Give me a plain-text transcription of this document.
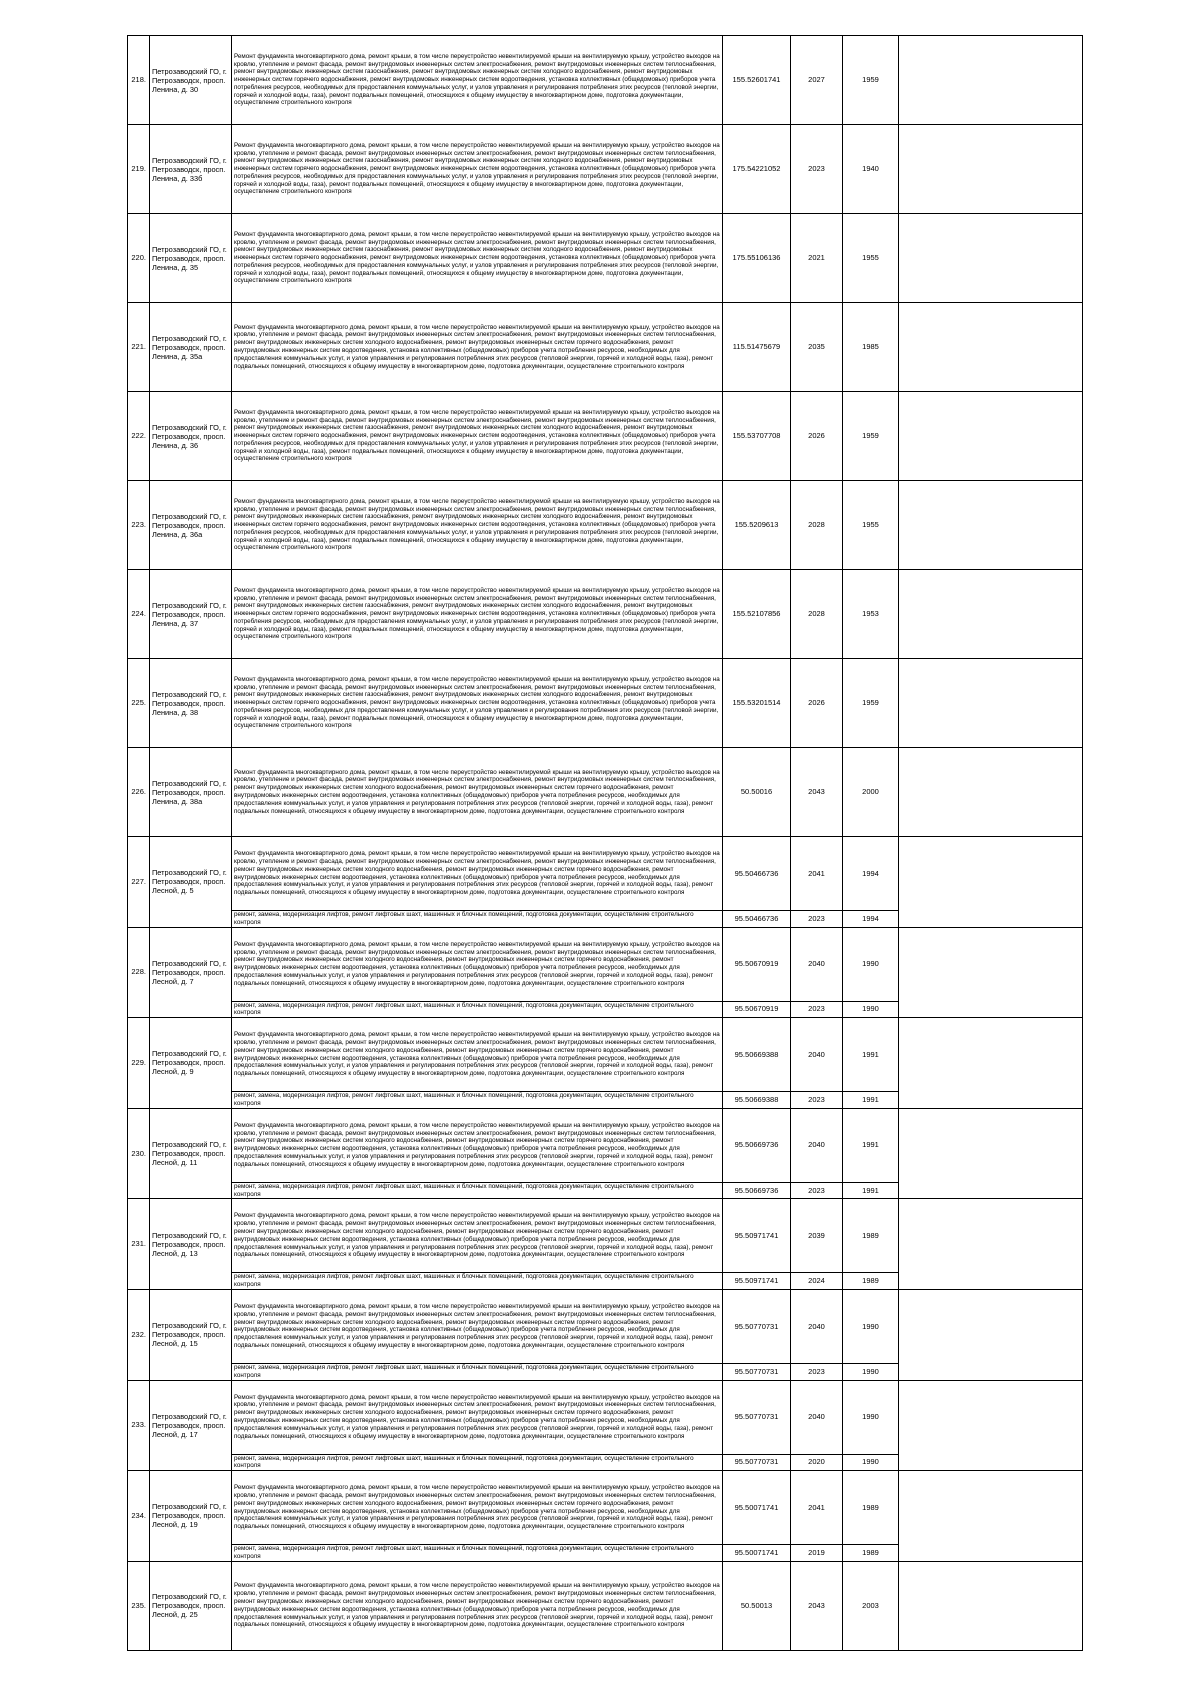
218.	Петрозаводский ГО, г. Петрозаводск, просп. Ленина, д. 30	Ремонт фундамента многоквартирного дома, ремонт крыши, в том числе переустройство невентилируемой крыши на вентилируемую крышу, устройство выходов на кровлю, утепление и ремонт фасада, ремонт внутридомовых инженерных систем электроснабжения, ремонт внутридомовых инженерных систем теплоснабжения, ремонт внутридомовых инженерных систем газоснабжения, ремонт внутридомовых инженерных систем холодного водоснабжения, ремонт внутридомовых инженерных систем горячего водоснабжения, ремонт внутридомовых инженерных систем водоотведения, установка коллективных (общедомовых) приборов учета потребления ресурсов, необходимых для предоставления коммунальных услуг, и узлов управления и регулирования потребления этих ресурсов (тепловой энергии, горячей и холодной воды, газа), ремонт подвальных помещений, относящихся к общему имуществу в многоквартирном доме, подготовка документации, осуществление строительного контроля	155.52601741	2027	1959	
219.	Петрозаводский ГО, г. Петрозаводск, просп. Ленина, д. 33б	Ремонт фундамента многоквартирного дома, ремонт крыши, в том числе переустройство невентилируемой крыши на вентилируемую крышу, устройство выходов на кровлю, утепление и ремонт фасада, ремонт внутридомовых инженерных систем электроснабжения, ремонт внутридомовых инженерных систем теплоснабжения, ремонт внутридомовых инженерных систем газоснабжения, ремонт внутридомовых инженерных систем холодного водоснабжения, ремонт внутридомовых инженерных систем горячего водоснабжения, ремонт внутридомовых инженерных систем водоотведения, установка коллективных (общедомовых) приборов учета потребления ресурсов, необходимых для предоставления коммунальных услуг, и узлов управления и регулирования потребления этих ресурсов (тепловой энергии, горячей и холодной воды, газа), ремонт подвальных помещений, относящихся к общему имуществу в многоквартирном доме, подготовка документации, осуществление строительного контроля	175.54221052	2023	1940	
220.	Петрозаводский ГО, г. Петрозаводск, просп. Ленина, д. 35	Ремонт фундамента многоквартирного дома, ремонт крыши, в том числе переустройство невентилируемой крыши на вентилируемую крышу, устройство выходов на кровлю, утепление и ремонт фасада, ремонт внутридомовых инженерных систем электроснабжения, ремонт внутридомовых инженерных систем теплоснабжения, ремонт внутридомовых инженерных систем газоснабжения, ремонт внутридомовых инженерных систем холодного водоснабжения, ремонт внутридомовых инженерных систем горячего водоснабжения, ремонт внутридомовых инженерных систем водоотведения, установка коллективных (общедомовых) приборов учета потребления ресурсов, необходимых для предоставления коммунальных услуг, и узлов управления и регулирования потребления этих ресурсов (тепловой энергии, горячей и холодной воды, газа), ремонт подвальных помещений, относящихся к общему имуществу в многоквартирном доме, подготовка документации, осуществление строительного контроля	175.55106136	2021	1955	
221.	Петрозаводский ГО, г. Петрозаводск, просп. Ленина, д. 35а	Ремонт фундамента многоквартирного дома, ремонт крыши, в том числе переустройство невентилируемой крыши на вентилируемую крышу, устройство выходов на кровлю, утепление и ремонт фасада, ремонт внутридомовых инженерных систем электроснабжения, ремонт внутридомовых инженерных систем теплоснабжения, ремонт внутридомовых инженерных систем холодного водоснабжения, ремонт внутридомовых инженерных систем горячего водоснабжения, ремонт внутридомовых инженерных систем водоотведения, установка коллективных (общедомовых) приборов учета потребления ресурсов, необходимых для предоставления коммунальных услуг, и узлов управления и регулирования потребления этих ресурсов (тепловой энергии, горячей и холодной воды, газа), ремонт подвальных помещений, относящихся к общему имуществу в многоквартирном доме, подготовка документации, осуществление строительного контроля	115.51475679	2035	1985	
222.	Петрозаводский ГО, г. Петрозаводск, просп. Ленина, д. 36	Ремонт фундамента многоквартирного дома, ремонт крыши, в том числе переустройство невентилируемой крыши на вентилируемую крышу, устройство выходов на кровлю, утепление и ремонт фасада, ремонт внутридомовых инженерных систем электроснабжения, ремонт внутридомовых инженерных систем теплоснабжения, ремонт внутридомовых инженерных систем газоснабжения, ремонт внутридомовых инженерных систем холодного водоснабжения, ремонт внутридомовых инженерных систем горячего водоснабжения, ремонт внутридомовых инженерных систем водоотведения, установка коллективных (общедомовых) приборов учета потребления ресурсов, необходимых для предоставления коммунальных услуг, и узлов управления и регулирования потребления этих ресурсов (тепловой энергии, горячей и холодной воды, газа), ремонт подвальных помещений, относящихся к общему имуществу в многоквартирном доме, подготовка документации, осуществление строительного контроля	155.53707708	2026	1959	
223.	Петрозаводский ГО, г. Петрозаводск, просп. Ленина, д. 36а	Ремонт фундамента многоквартирного дома, ремонт крыши, в том числе переустройство невентилируемой крыши на вентилируемую крышу, устройство выходов на кровлю, утепление и ремонт фасада, ремонт внутридомовых инженерных систем электроснабжения, ремонт внутридомовых инженерных систем теплоснабжения, ремонт внутридомовых инженерных систем газоснабжения, ремонт внутридомовых инженерных систем холодного водоснабжения, ремонт внутридомовых инженерных систем горячего водоснабжения, ремонт внутридомовых инженерных систем водоотведения, установка коллективных (общедомовых) приборов учета потребления ресурсов, необходимых для предоставления коммунальных услуг, и узлов управления и регулирования потребления этих ресурсов (тепловой энергии, горячей и холодной воды, газа), ремонт подвальных помещений, относящихся к общему имуществу в многоквартирном доме, подготовка документации, осуществление строительного контроля	155.5209613	2028	1955	
224.	Петрозаводский ГО, г. Петрозаводск, просп. Ленина, д. 37	Ремонт фундамента многоквартирного дома, ремонт крыши, в том числе переустройство невентилируемой крыши на вентилируемую крышу, устройство выходов на кровлю, утепление и ремонт фасада, ремонт внутридомовых инженерных систем электроснабжения, ремонт внутридомовых инженерных систем теплоснабжения, ремонт внутридомовых инженерных систем газоснабжения, ремонт внутридомовых инженерных систем холодного водоснабжения, ремонт внутридомовых инженерных систем горячего водоснабжения, ремонт внутридомовых инженерных систем водоотведения, установка коллективных (общедомовых) приборов учета потребления ресурсов, необходимых для предоставления коммунальных услуг, и узлов управления и регулирования потребления этих ресурсов (тепловой энергии, горячей и холодной воды, газа), ремонт подвальных помещений, относящихся к общему имуществу в многоквартирном доме, подготовка документации, осуществление строительного контроля	155.52107856	2028	1953	
225.	Петрозаводский ГО, г. Петрозаводск, просп. Ленина, д. 38	Ремонт фундамента многоквартирного дома, ремонт крыши, в том числе переустройство невентилируемой крыши на вентилируемую крышу, устройство выходов на кровлю, утепление и ремонт фасада, ремонт внутридомовых инженерных систем электроснабжения, ремонт внутридомовых инженерных систем теплоснабжения, ремонт внутридомовых инженерных систем газоснабжения, ремонт внутридомовых инженерных систем холодного водоснабжения, ремонт внутридомовых инженерных систем горячего водоснабжения, ремонт внутридомовых инженерных систем водоотведения, установка коллективных (общедомовых) приборов учета потребления ресурсов, необходимых для предоставления коммунальных услуг, и узлов управления и регулирования потребления этих ресурсов (тепловой энергии, горячей и холодной воды, газа), ремонт подвальных помещений, относящихся к общему имуществу в многоквартирном доме, подготовка документации, осуществление строительного контроля	155.53201514	2026	1959	
226.	Петрозаводский ГО, г. Петрозаводск, просп. Ленина, д. 38а	Ремонт фундамента многоквартирного дома, ремонт крыши, в том числе переустройство невентилируемой крыши на вентилируемую крышу, устройство выходов на кровлю, утепление и ремонт фасада, ремонт внутридомовых инженерных систем электроснабжения, ремонт внутридомовых инженерных систем теплоснабжения, ремонт внутридомовых инженерных систем холодного водоснабжения, ремонт внутридомовых инженерных систем горячего водоснабжения, ремонт внутридомовых инженерных систем водоотведения, установка коллективных (общедомовых) приборов учета потребления ресурсов, необходимых для предоставления коммунальных услуг, и узлов управления и регулирования потребления этих ресурсов (тепловой энергии, горячей и холодной воды, газа), ремонт подвальных помещений, относящихся к общему имуществу в многоквартирном доме, подготовка документации, осуществление строительного контроля	50.50016	2043	2000	
227.	Петрозаводский ГО, г. Петрозаводск, просп. Лесной, д. 5	Ремонт фундамента многоквартирного дома, ремонт крыши, в том числе переустройство невентилируемой крыши на вентилируемую крышу, устройство выходов на кровлю, утепление и ремонт фасада, ремонт внутридомовых инженерных систем электроснабжения, ремонт внутридомовых инженерных систем теплоснабжения, ремонт внутридомовых инженерных систем холодного водоснабжения, ремонт внутридомовых инженерных систем горячего водоснабжения, ремонт внутридомовых инженерных систем водоотведения, установка коллективных (общедомовых) приборов учета потребления ресурсов, необходимых для предоставления коммунальных услуг, и узлов управления и регулирования потребления этих ресурсов (тепловой энергии, горячей и холодной воды, газа), ремонт подвальных помещений, относящихся к общему имуществу в многоквартирном доме, подготовка документации, осуществление строительного контроля	95.50466736	2041	1994	
		ремонт, замена, модернизация лифтов, ремонт лифтовых шахт, машинных и блочных помещений, подготовка документации, осуществление строительного контроля	95.50466736	2023	1994	
228.	Петрозаводский ГО, г. Петрозаводск, просп. Лесной, д. 7	Ремонт фундамента многоквартирного дома, ремонт крыши, в том числе переустройство невентилируемой крыши на вентилируемую крышу, устройство выходов на кровлю, утепление и ремонт фасада, ремонт внутридомовых инженерных систем электроснабжения, ремонт внутридомовых инженерных систем теплоснабжения, ремонт внутридомовых инженерных систем холодного водоснабжения, ремонт внутридомовых инженерных систем горячего водоснабжения, ремонт внутридомовых инженерных систем водоотведения, установка коллективных (общедомовых) приборов учета потребления ресурсов, необходимых для предоставления коммунальных услуг, и узлов управления и регулирования потребления этих ресурсов (тепловой энергии, горячей и холодной воды, газа), ремонт подвальных помещений, относящихся к общему имуществу в многоквартирном доме, подготовка документации, осуществление строительного контроля	95.50670919	2040	1990	
		ремонт, замена, модернизация лифтов, ремонт лифтовых шахт, машинных и блочных помещений, подготовка документации, осуществление строительного контроля	95.50670919	2023	1990	
229.	Петрозаводский ГО, г. Петрозаводск, просп. Лесной, д. 9	Ремонт фундамента многоквартирного дома, ремонт крыши, в том числе переустройство невентилируемой крыши на вентилируемую крышу, устройство выходов на кровлю, утепление и ремонт фасада, ремонт внутридомовых инженерных систем электроснабжения, ремонт внутридомовых инженерных систем теплоснабжения, ремонт внутридомовых инженерных систем холодного водоснабжения, ремонт внутридомовых инженерных систем горячего водоснабжения, ремонт внутридомовых инженерных систем водоотведения, установка коллективных (общедомовых) приборов учета потребления ресурсов, необходимых для предоставления коммунальных услуг, и узлов управления и регулирования потребления этих ресурсов (тепловой энергии, горячей и холодной воды, газа), ремонт подвальных помещений, относящихся к общему имуществу в многоквартирном доме, подготовка документации, осуществление строительного контроля	95.50669388	2040	1991	
		ремонт, замена, модернизация лифтов, ремонт лифтовых шахт, машинных и блочных помещений, подготовка документации, осуществление строительного контроля	95.50669388	2023	1991	
230.	Петрозаводский ГО, г. Петрозаводск, просп. Лесной, д. 11	Ремонт фундамента многоквартирного дома, ремонт крыши, в том числе переустройство невентилируемой крыши на вентилируемую крышу, устройство выходов на кровлю, утепление и ремонт фасада, ремонт внутридомовых инженерных систем электроснабжения, ремонт внутридомовых инженерных систем теплоснабжения, ремонт внутридомовых инженерных систем холодного водоснабжения, ремонт внутридомовых инженерных систем горячего водоснабжения, ремонт внутридомовых инженерных систем водоотведения, установка коллективных (общедомовых) приборов учета потребления ресурсов, необходимых для предоставления коммунальных услуг, и узлов управления и регулирования потребления этих ресурсов (тепловой энергии, горячей и холодной воды, газа), ремонт подвальных помещений, относящихся к общему имуществу в многоквартирном доме, подготовка документации, осуществление строительного контроля	95.50669736	2040	1991	
		ремонт, замена, модернизация лифтов, ремонт лифтовых шахт, машинных и блочных помещений, подготовка документации, осуществление строительного контроля	95.50669736	2023	1991	
231.	Петрозаводский ГО, г. Петрозаводск, просп. Лесной, д. 13	Ремонт фундамента многоквартирного дома, ремонт крыши, в том числе переустройство невентилируемой крыши на вентилируемую крышу, устройство выходов на кровлю, утепление и ремонт фасада, ремонт внутридомовых инженерных систем электроснабжения, ремонт внутридомовых инженерных систем теплоснабжения, ремонт внутридомовых инженерных систем холодного водоснабжения, ремонт внутридомовых инженерных систем горячего водоснабжения, ремонт внутридомовых инженерных систем водоотведения, установка коллективных (общедомовых) приборов учета потребления ресурсов, необходимых для предоставления коммунальных услуг, и узлов управления и регулирования потребления этих ресурсов (тепловой энергии, горячей и холодной воды, газа), ремонт подвальных помещений, относящихся к общему имуществу в многоквартирном доме, подготовка документации, осуществление строительного контроля	95.50971741	2039	1989	
		ремонт, замена, модернизация лифтов, ремонт лифтовых шахт, машинных и блочных помещений, подготовка документации, осуществление строительного контроля	95.50971741	2024	1989	
232.	Петрозаводский ГО, г. Петрозаводск, просп. Лесной, д. 15	Ремонт фундамента многоквартирного дома, ремонт крыши, в том числе переустройство невентилируемой крыши на вентилируемую крышу, устройство выходов на кровлю, утепление и ремонт фасада, ремонт внутридомовых инженерных систем электроснабжения, ремонт внутридомовых инженерных систем теплоснабжения, ремонт внутридомовых инженерных систем холодного водоснабжения, ремонт внутридомовых инженерных систем горячего водоснабжения, ремонт внутридомовых инженерных систем водоотведения, установка коллективных (общедомовых) приборов учета потребления ресурсов, необходимых для предоставления коммунальных услуг, и узлов управления и регулирования потребления этих ресурсов (тепловой энергии, горячей и холодной воды, газа), ремонт подвальных помещений, относящихся к общему имуществу в многоквартирном доме, подготовка документации, осуществление строительного контроля	95.50770731	2040	1990	
		ремонт, замена, модернизация лифтов, ремонт лифтовых шахт, машинных и блочных помещений, подготовка документации, осуществление строительного контроля	95.50770731	2023	1990	
233.	Петрозаводский ГО, г. Петрозаводск, просп. Лесной, д. 17	Ремонт фундамента многоквартирного дома, ремонт крыши, в том числе переустройство невентилируемой крыши на вентилируемую крышу, устройство выходов на кровлю, утепление и ремонт фасада, ремонт внутридомовых инженерных систем электроснабжения, ремонт внутридомовых инженерных систем теплоснабжения, ремонт внутридомовых инженерных систем холодного водоснабжения, ремонт внутридомовых инженерных систем горячего водоснабжения, ремонт внутридомовых инженерных систем водоотведения, установка коллективных (общедомовых) приборов учета потребления ресурсов, необходимых для предоставления коммунальных услуг, и узлов управления и регулирования потребления этих ресурсов (тепловой энергии, горячей и холодной воды, газа), ремонт подвальных помещений, относящихся к общему имуществу в многоквартирном доме, подготовка документации, осуществление строительного контроля	95.50770731	2040	1990	
		ремонт, замена, модернизация лифтов, ремонт лифтовых шахт, машинных и блочных помещений, подготовка документации, осуществление строительного контроля	95.50770731	2020	1990	
234.	Петрозаводский ГО, г. Петрозаводск, просп. Лесной, д. 19	Ремонт фундамента многоквартирного дома, ремонт крыши, в том числе переустройство невентилируемой крыши на вентилируемую крышу, устройство выходов на кровлю, утепление и ремонт фасада, ремонт внутридомовых инженерных систем электроснабжения, ремонт внутридомовых инженерных систем теплоснабжения, ремонт внутридомовых инженерных систем холодного водоснабжения, ремонт внутридомовых инженерных систем горячего водоснабжения, ремонт внутридомовых инженерных систем водоотведения, установка коллективных (общедомовых) приборов учета потребления ресурсов, необходимых для предоставления коммунальных услуг, и узлов управления и регулирования потребления этих ресурсов (тепловой энергии, горячей и холодной воды, газа), ремонт подвальных помещений, относящихся к общему имуществу в многоквартирном доме, подготовка документации, осуществление строительного контроля	95.50071741	2041	1989	
		ремонт, замена, модернизация лифтов, ремонт лифтовых шахт, машинных и блочных помещений, подготовка документации, осуществление строительного контроля	95.50071741	2019	1989	
235.	Петрозаводский ГО, г. Петрозаводск, просп. Лесной, д. 25	Ремонт фундамента многоквартирного дома, ремонт крыши, в том числе переустройство невентилируемой крыши на вентилируемую крышу, устройство выходов на кровлю, утепление и ремонт фасада, ремонт внутридомовых инженерных систем электроснабжения, ремонт внутридомовых инженерных систем теплоснабжения, ремонт внутридомовых инженерных систем холодного водоснабжения, ремонт внутридомовых инженерных систем горячего водоснабжения, ремонт внутридомовых инженерных систем водоотведения, установка коллективных (общедомовых) приборов учета потребления ресурсов, необходимых для предоставления коммунальных услуг, и узлов управления и регулирования потребления этих ресурсов (тепловой энергии, горячей и холодной воды, газа), ремонт подвальных помещений, относящихся к общему имуществу в многоквартирном доме, подготовка документации, осуществление строительного контроля	50.50013	2043	2003	
